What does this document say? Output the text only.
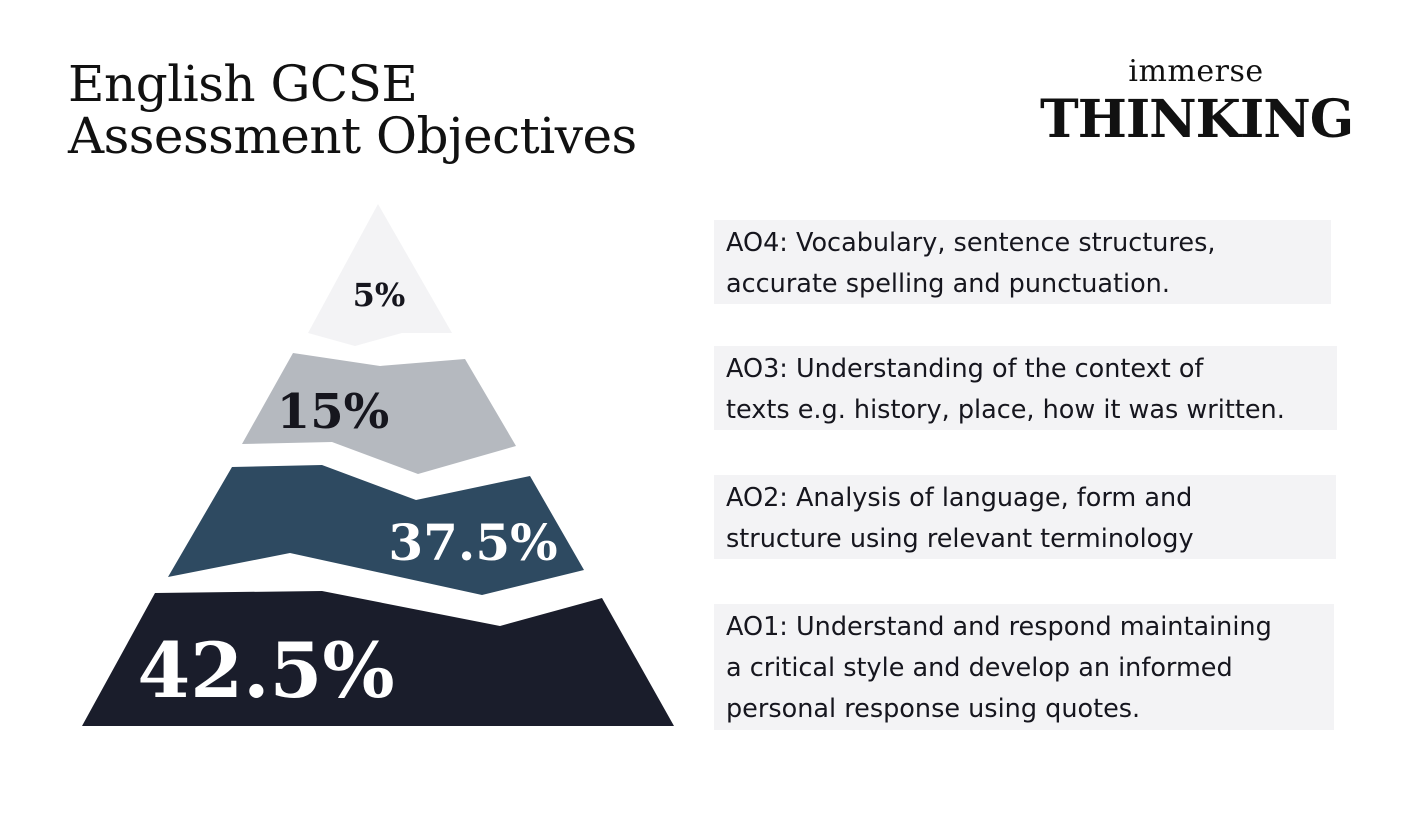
English GCSE
Assessment Objectives
immerse
THINKING
5%
15%
37.5%
42.5%
AO4: Vocabulary, sentence structures,
accurate spelling and punctuation.
AO3: Understanding of the context of
texts e.g. history, place, how it was written.
AO2: Analysis of language, form and
structure using relevant terminology
AO1: Understand and respond maintaining
a critical style and develop an informed
personal response using quotes.
